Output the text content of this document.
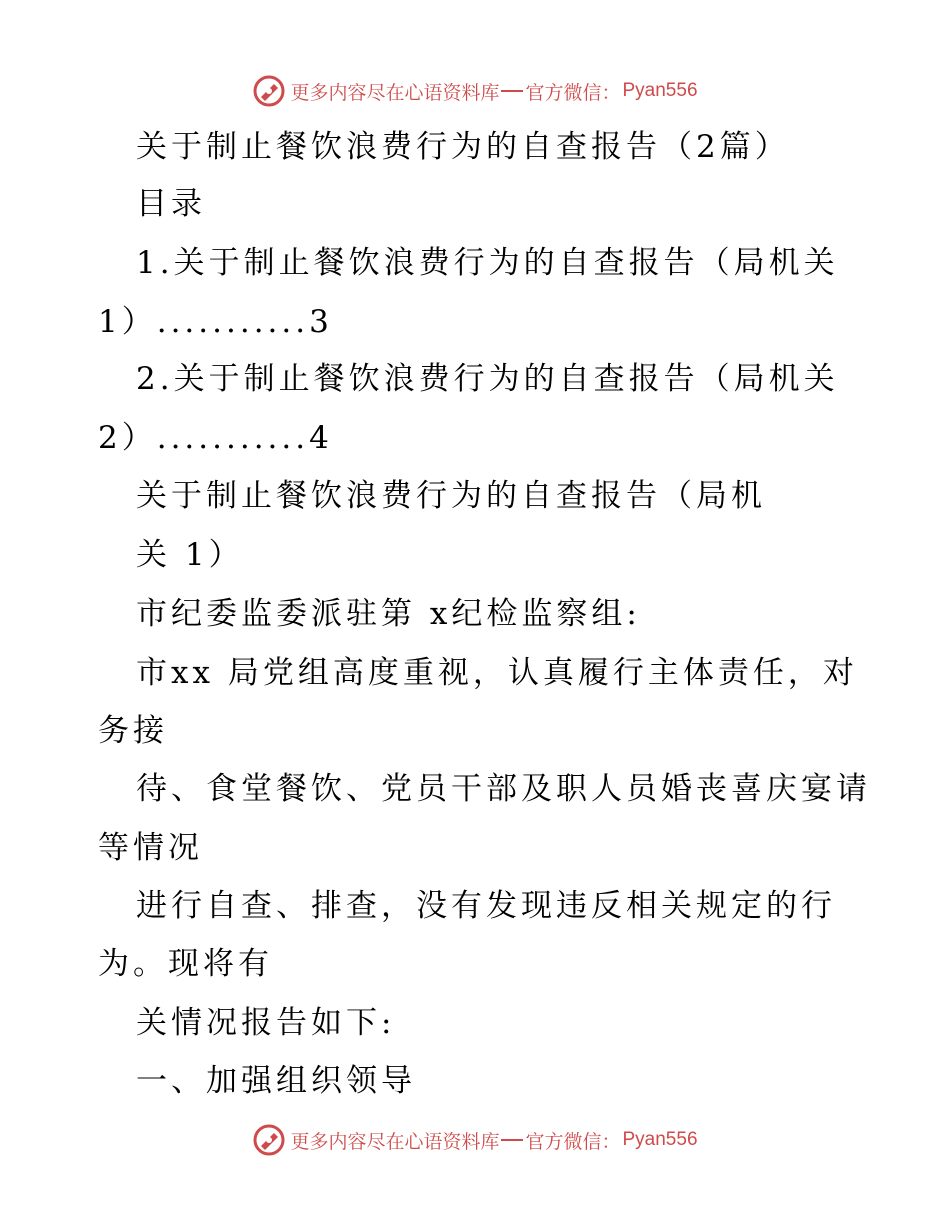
更多内容尽在心语资料库 官方微信： Pyan556
关于制止餐饮浪费行为的自查报告（2篇）
目录
1.关于制止餐饮浪费行为的自查报告（局机关
1）...........3
2.关于制止餐饮浪费行为的自查报告（局机关
2）...........4
关于制止餐饮浪费行为的自查报告（局机
关 1）
市纪委监委派驻第 x纪检监察组:
市xx 局党组高度重视，认真履行主体责任，对
务接
待、食堂餐饮、党员干部及职人员婚丧喜庆宴请
等情况
进行自查、排查，没有发现违反相关规定的行
为。现将有
关情况报告如下:
一、加强组织领导
更多内容尽在心语资料库 官方微信： Pyan556
